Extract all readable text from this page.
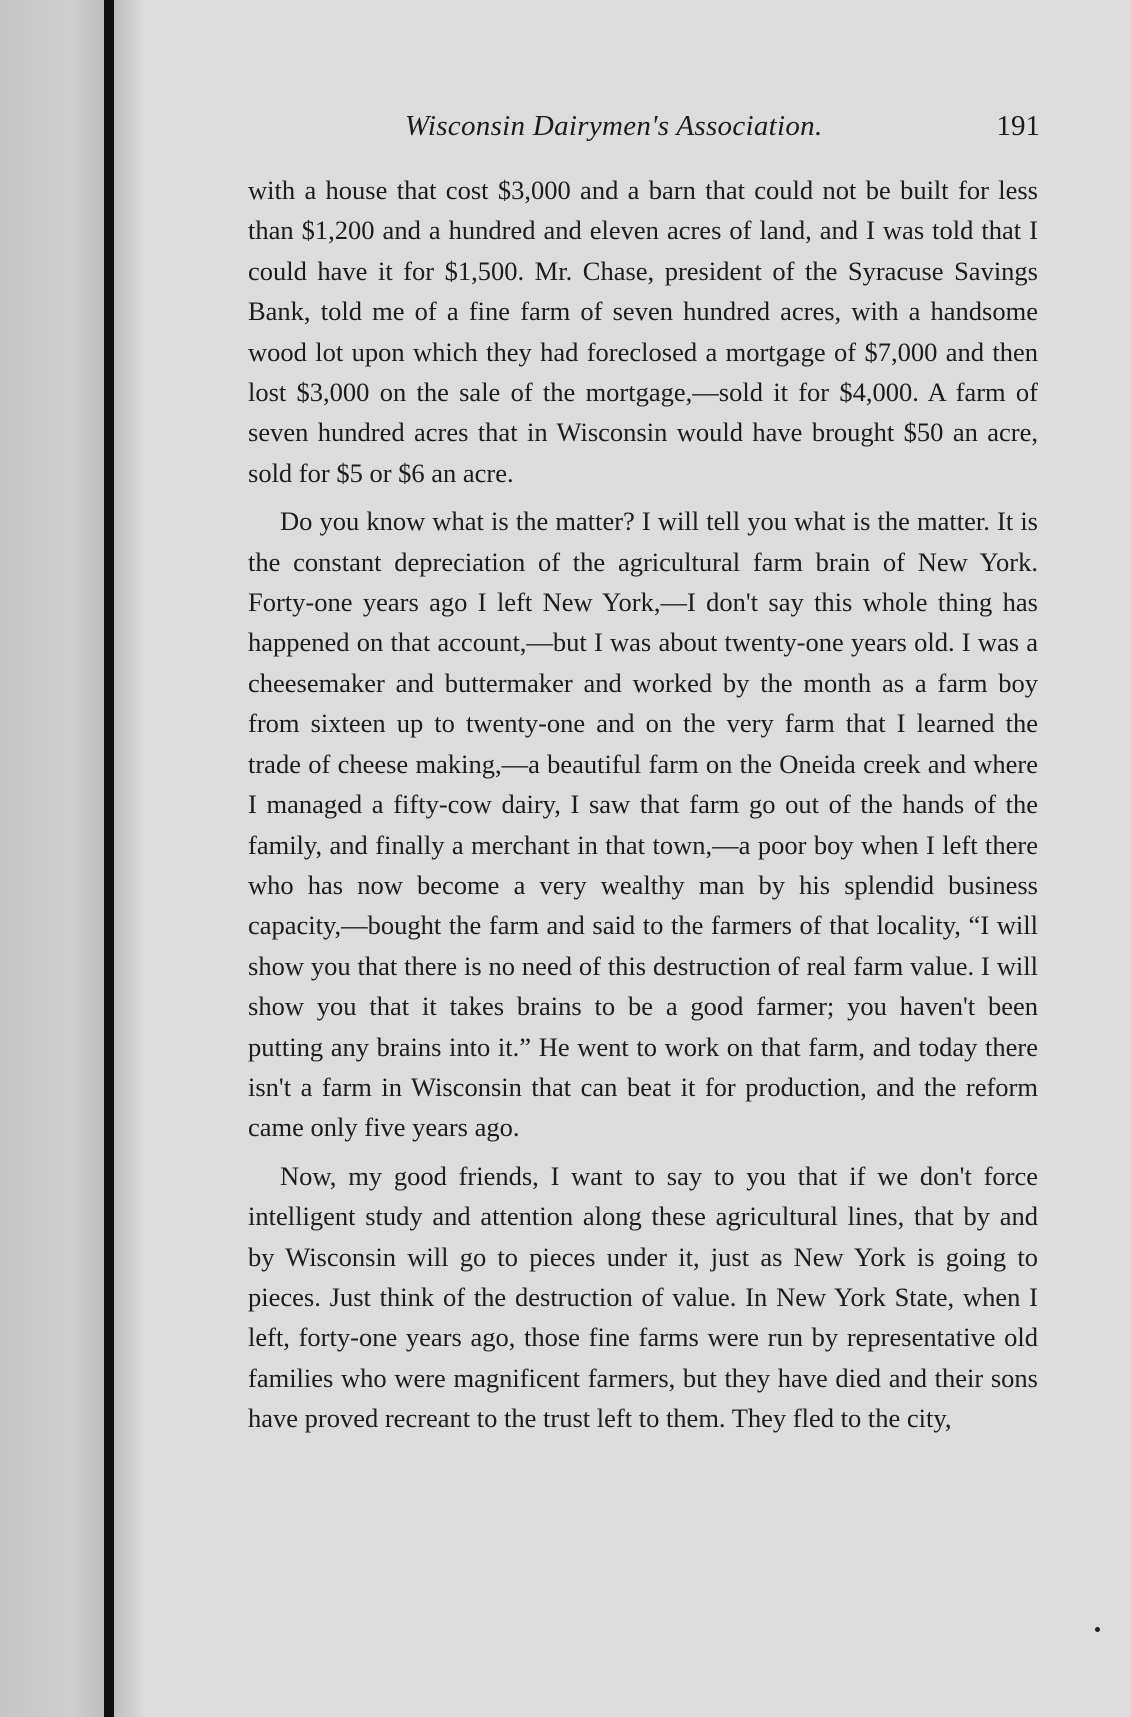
Wisconsin Dairymen's Association.	191

with a house that cost $3,000 and a barn that could not be built for less than $1,200 and a hundred and eleven acres of land, and I was told that I could have it for $1,500. Mr. Chase, president of the Syracuse Savings Bank, told me of a fine farm of seven hundred acres, with a handsome wood lot upon which they had foreclosed a mortgage of $7,000 and then lost $3,000 on the sale of the mortgage,—sold it for $4,000. A farm of seven hundred acres that in Wisconsin would have brought $50 an acre, sold for $5 or $6 an acre.

Do you know what is the matter? I will tell you what is the matter. It is the constant depreciation of the agricultural farm brain of New York. Forty-one years ago I left New York,—I don't say this whole thing has happened on that account,—but I was about twenty-one years old. I was a cheesemaker and buttermaker and worked by the month as a farm boy from sixteen up to twenty-one and on the very farm that I learned the trade of cheese making,—a beautiful farm on the Oneida creek and where I managed a fifty-cow dairy, I saw that farm go out of the hands of the family, and finally a merchant in that town,—a poor boy when I left there who has now become a very wealthy man by his splendid business capacity,—bought the farm and said to the farmers of that locality, “I will show you that there is no need of this destruction of real farm value. I will show you that it takes brains to be a good farmer; you haven't been putting any brains into it.” He went to work on that farm, and today there isn't a farm in Wisconsin that can beat it for production, and the reform came only five years ago.

Now, my good friends, I want to say to you that if we don't force intelligent study and attention along these agricultural lines, that by and by Wisconsin will go to pieces under it, just as New York is going to pieces. Just think of the destruction of value. In New York State, when I left, forty-one years ago, those fine farms were run by representative old families who were magnificent farmers, but they have died and their sons have proved recreant to the trust left to them. They fled to the city,
